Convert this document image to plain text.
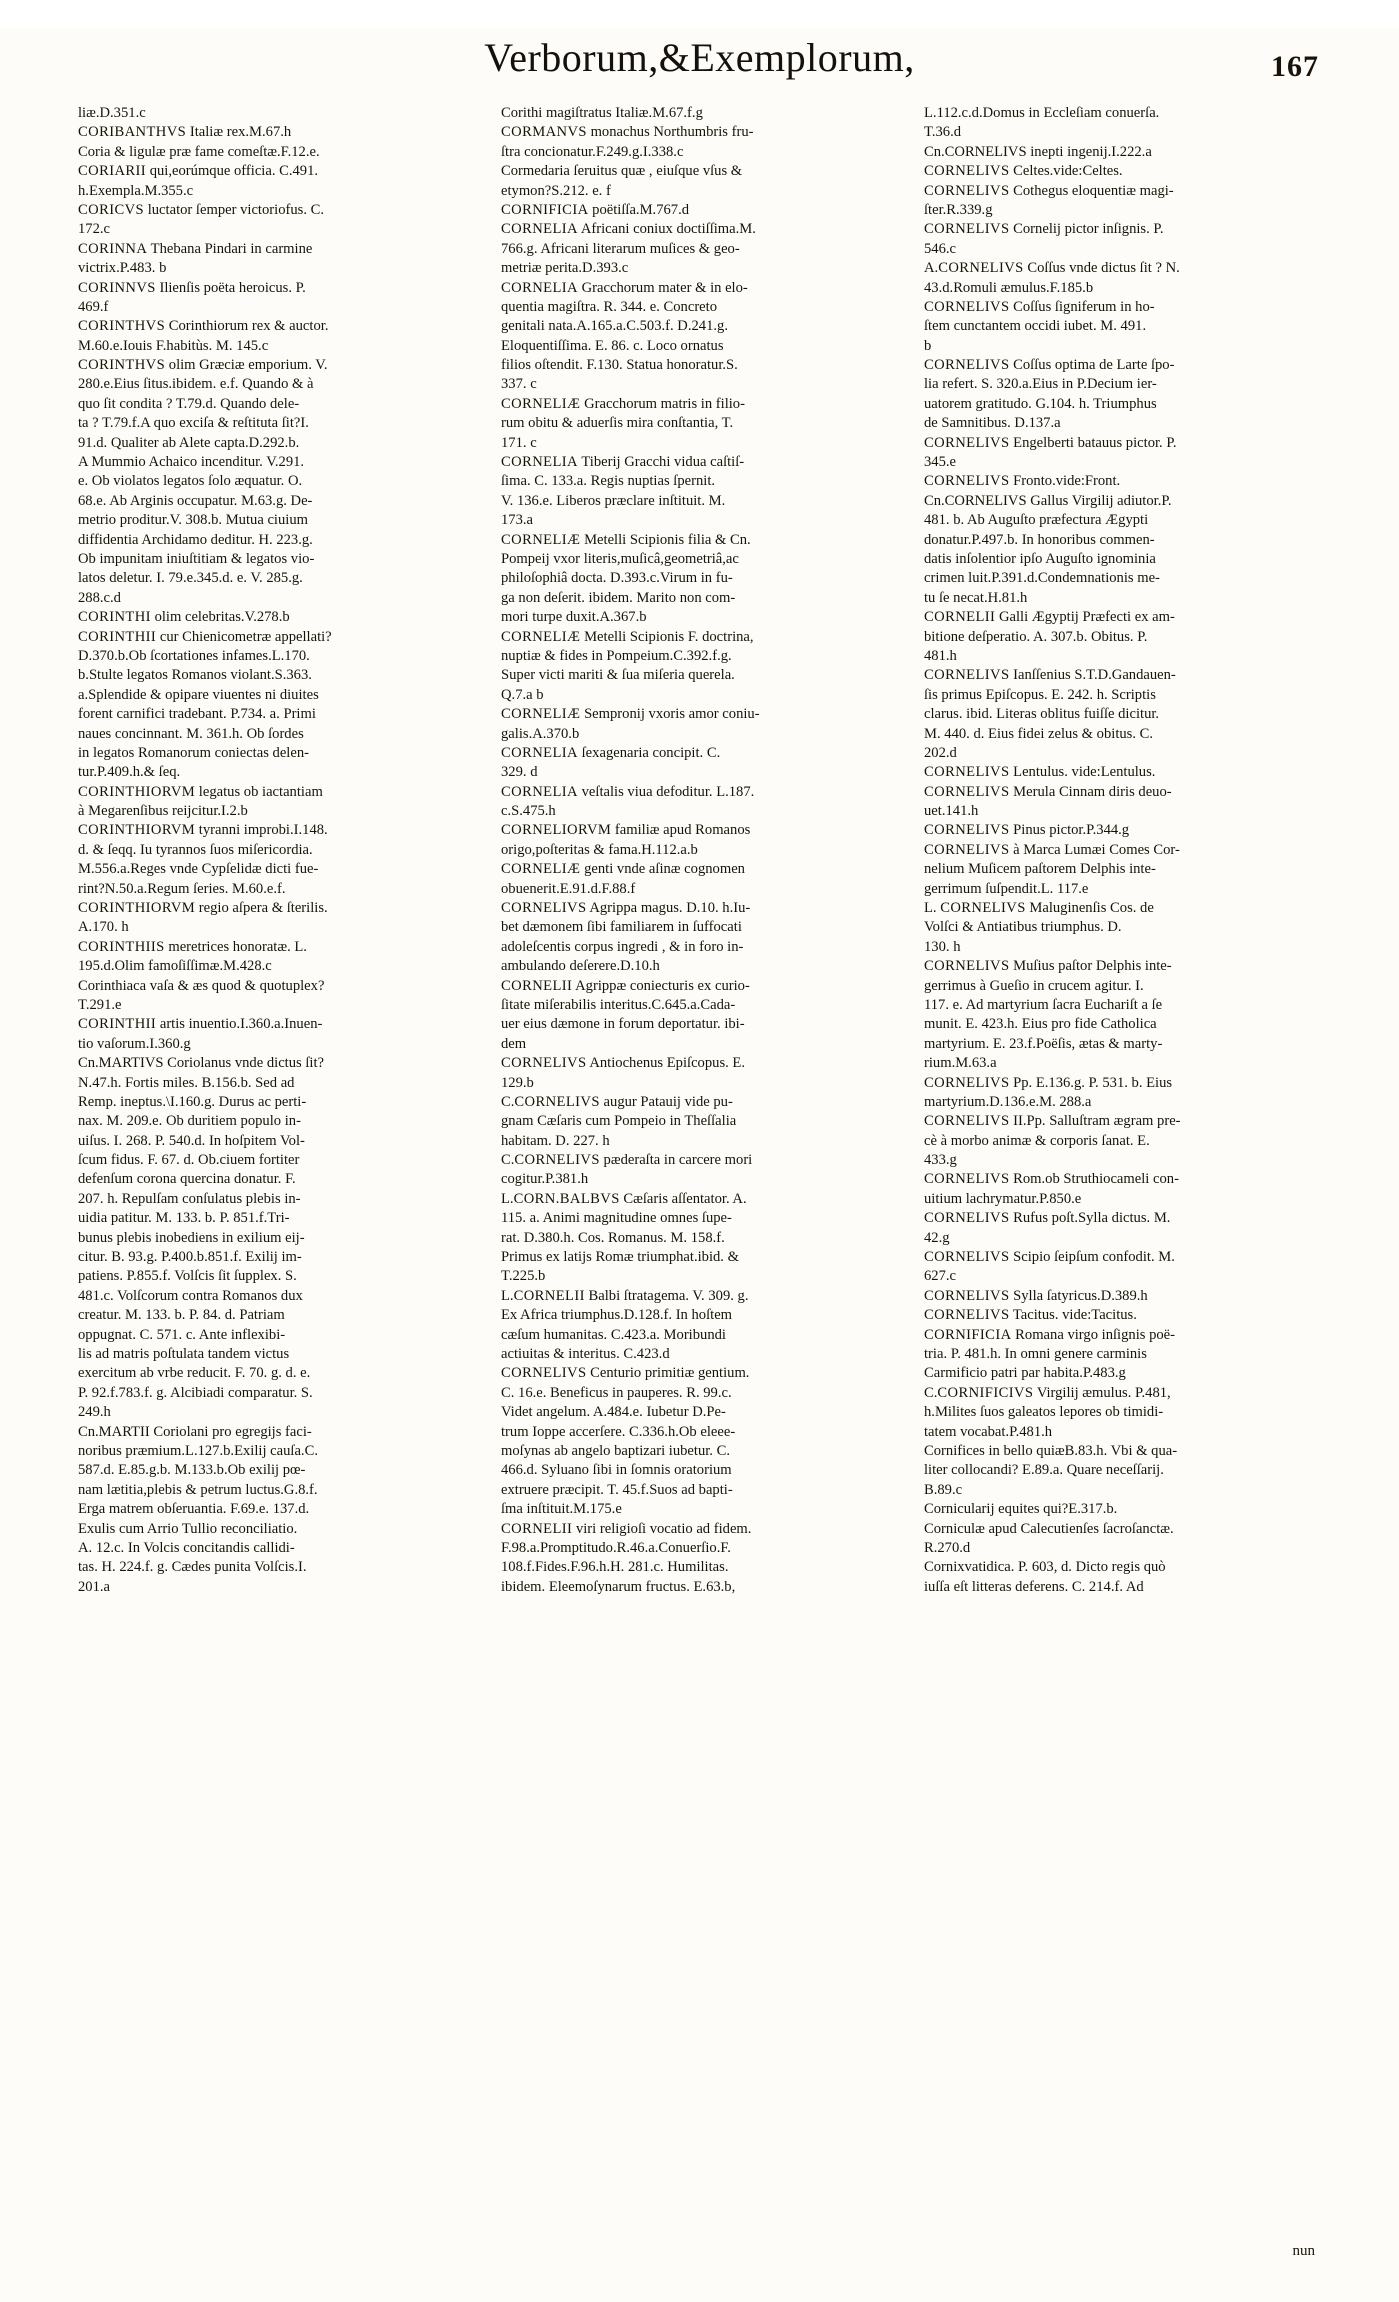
Verborum,&Exemplorum,	167
liæ.D.351.c
CORIBANTHVS Italiæ rex.M.67.h
Coria & ligulæ præ fame comeſtæ.F.12.e.
CORIARII qui,eorúmque officia. C.491.
h.Exempla.M.355.c
CORICVS luctator ſemper victoriofus. C.
172.c
CORINNA Thebana Pindari in carmine
victrix.P.483. b
CORINNVS Ilienſis poëta heroicus. P.
469.f
CORINTHVS Corinthiorum rex & auctor.
M.60.e.Iouis F.habitùs. M. 145.c
CORINTHVS olim Græciæ emporium. V.
280.e.Eius ſitus.ibidem. e.f. Quando & à
quo ſit condita ? T.79.d. Quando dele-
ta ? T.79.f.A quo exciſa & reſtituta ſit?I.
91.d. Qualiter ab Alete capta.D.292.b.
A Mummio Achaico incenditur. V.291.
e. Ob violatos legatos ſolo æquatur. O.
68.e. Ab Arginis occupatur. M.63.g. De-
metrio proditur.V. 308.b. Mutua ciuium
diffidentia Archidamo deditur. H. 223.g.
Ob impunitam iniuſtitiam & legatos vio-
latos deletur. I. 79.e.345.d. e. V. 285.g.
288.c.d
CORINTHI olim celebritas.V.278.b
CORINTHII cur Chienicometræ appellati?
D.370.b.Ob ſcortationes infames.L.170.
b.Stulte legatos Romanos violant.S.363.
a.Splendide & opipare viuentes ni diuites
forent carnifici tradebant. P.734. a. Primi
naues concinnant. M. 361.h. Ob ſordes
in legatos Romanorum coniectas delen-
tur.P.409.h.& ſeq.
CORINTHIORVM legatus ob iactantiam
à Megarenſibus reijcitur.I.2.b
CORINTHIORVM tyranni improbi.I.148.
d. & ſeqq. Iu tyrannos ſuos miſericordia.
M.556.a.Reges vnde Cypſelidæ dicti fue-
rint?N.50.a.Regum ſeries. M.60.e.f.
CORINTHIORVM regio aſpera & ſterilis.
A.170. h
CORINTHIIS meretrices honoratæ. L.
195.d.Olim famoſiſſimæ.M.428.c
Corinthiaca vaſa & æs quod & quotuplex?
T.291.e
CORINTHII artis inuentio.I.360.a.Inuen-
tio vaſorum.I.360.g
Cn.MARTIVS Coriolanus vnde dictus ſit?
N.47.h. Fortis miles. B.156.b. Sed ad
Remp. ineptus.\I.160.g. Durus ac perti-
nax. M. 209.e. Ob duritiem populo in-
uiſus. I. 268. P. 540.d. In hoſpitem Vol-
ſcum fidus. F. 67. d. Ob.ciuem fortiter
defenſum corona quercina donatur. F.
207. h. Repulſam conſulatus plebis in-
uidia patitur. M. 133. b. P. 851.f.Tri-
bunus plebis inobediens in exilium eij-
citur. B. 93.g. P.400.b.851.f. Exilij im-
patiens. P.855.f. Volſcis ſit ſupplex. S.
481.c. Volſcorum contra Romanos dux
creatur. M. 133. b. P. 84. d. Patriam
oppugnat. C. 571. c. Ante inflexibi-
lis ad matris poſtulata tandem victus
exercitum ab vrbe reducit. F. 70. g. d. e.
P. 92.f.783.f. g. Alcibiadi comparatur. S.
249.h
Cn.MARTII Coriolani pro egregijs faci-
noribus præmium.L.127.b.Exilij cauſa.C.
587.d. E.85.g.b. M.133.b.Ob exilij pœ-
nam lætitia,plebis & petrum luctus.G.8.f.
Erga matrem obſeruantia. F.69.e. 137.d.
Exulis cum Arrio Tullio reconciliatio.
A. 12.c. In Volcis concitandis callidi-
tas. H. 224.f. g. Cædes punita Volſcis.I.
201.a
Corithi magiſtratus Italiæ.M.67.f.g
CORMANVS monachus Northumbris fru-
ſtra concionatur.F.249.g.I.338.c
Cormedaria ſeruitus quæ , eiuſque vſus &
etymon?S.212. e. f
CORNIFICIA poëtiſſa.M.767.d
CORNELIA Africani coniux doctiſſima.M.
766.g. Africani literarum muſices & geo-
metriæ perita.D.393.c
CORNELIA Gracchorum mater & in elo-
quentia magiſtra. R. 344. e. Concreto
genitali nata.A.165.a.C.503.f. D.241.g.
Eloquentiſſima. E. 86. c. Loco ornatus
filios oſtendit. F.130. Statua honoratur.S.
337. c
CORNELIÆ Gracchorum matris in filio-
rum obitu & aduerſis mira conſtantia, T.
171. c
CORNELIA Tiberij Gracchi vidua caſtiſ-
ſima. C. 133.a. Regis nuptias ſpernit.
V. 136.e. Liberos præclare inſtituit. M.
173.a
CORNELIÆ Metelli Scipionis filia & Cn.
Pompeij vxor literis,muſicâ,geometriâ,ac
philoſophiâ docta. D.393.c.Virum in fu-
ga non deſerit. ibidem. Marito non com-
mori turpe duxit.A.367.b
CORNELIÆ Metelli Scipionis F. doctrina,
nuptiæ & fides in Pompeium.C.392.f.g.
Super victi mariti & ſua miſeria querela.
Q.7.a b
CORNELIÆ Sempronij vxoris amor coniu-
galis.A.370.b
CORNELIA ſexagenaria concipit. C.
329. d
CORNELIA veſtalis viua defoditur. L.187.
c.S.475.h
CORNELIORVM familiæ apud Romanos
origo,poſteritas & fama.H.112.a.b
CORNELIÆ genti vnde aſinæ cognomen
obuenerit.E.91.d.F.88.f
CORNELIVS Agrippa magus. D.10. h.Iu-
bet dæmonem ſibi familiarem in ſuffocati
adoleſcentis corpus ingredi , & in foro in-
ambulando deſerere.D.10.h
CORNELII Agrippæ coniecturis ex curio-
ſitate miſerabilis interitus.C.645.a.Cada-
uer eius dæmone in forum deportatur. ibi-
dem
CORNELIVS Antiochenus Epiſcopus. E.
129.b
C.CORNELIVS augur Patauij vide pu-
gnam Cæſaris cum Pompeio in Theſſalia
habitam. D. 227. h
C.CORNELIVS pæderaſta in carcere mori
cogitur.P.381.h
L.CORN.BALBVS Cæſaris aſſentator. A.
115. a. Animi magnitudine omnes ſupe-
rat. D.380.h. Cos. Romanus. M. 158.f.
Primus ex latijs Romæ triumphat.ibid. &
T.225.b
L.CORNELII Balbi ſtratagema. V. 309. g.
Ex Africa triumphus.D.128.f. In hoſtem
cæſum humanitas. C.423.a. Moribundi
actiuitas & interitus. C.423.d
CORNELIVS Centurio primitiæ gentium.
C. 16.e. Beneficus in pauperes. R. 99.c.
Videt angelum. A.484.e. Iubetur D.Pe-
trum Ioppe accerſere. C.336.h.Ob eleee-
moſynas ab angelo baptizari iubetur. C.
466.d. Syluano ſibi in ſomnis oratorium
extruere præcipit. T. 45.f.Suos ad bapti-
ſma inſtituit.M.175.e
CORNELII viri religioſi vocatio ad fidem.
F.98.a.Promptitudo.R.46.a.Conuerſio.F.
108.f.Fides.F.96.h.H. 281.c. Humilitas.
ibidem. Eleemoſynarum fructus. E.63.b,
L.112.c.d.Domus in Eccleſiam conuerſa.
T.36.d
Cn.CORNELIVS inepti ingenij.I.222.a
CORNELIVS Celtes.vide:Celtes.
CORNELIVS Cothegus eloquentiæ magi-
ſter.R.339.g
CORNELIVS Cornelij pictor inſignis. P.
546.c
A.CORNELIVS Coſſus vnde dictus ſit ? N.
43.d.Romuli æmulus.F.185.b
CORNELIVS Coſſus ſigniferum in ho-
ſtem cunctantem occidi iubet. M. 491.
b
CORNELIVS Coſſus optima de Larte ſpo-
lia refert. S. 320.a.Eius in P.Decium ier-
uatorem gratitudo. G.104. h. Triumphus
de Samnitibus. D.137.a
CORNELIVS Engelberti batauus pictor. P.
345.e
CORNELIVS Fronto.vide:Front.
Cn.CORNELIVS Gallus Virgilij adiutor.P.
481. b. Ab Auguſto præfectura Ægypti
donatur.P.497.b. In honoribus commen-
datis inſolentior ipſo Auguſto ignominia
crimen luit.P.391.d.Condemnationis me-
tu ſe necat.H.81.h
CORNELII Galli Ægyptij Præfecti ex am-
bitione deſperatio. A. 307.b. Obitus. P.
481.h
CORNELIVS Ianſſenius S.T.D.Gandauen-
ſis primus Epiſcopus. E. 242. h. Scriptis
clarus. ibid. Literas oblitus fuiſſe dicitur.
M. 440. d. Eius fidei zelus & obitus. C.
202.d
CORNELIVS Lentulus. vide:Lentulus.
CORNELIVS Merula Cinnam diris deuo-
uet.141.h
CORNELIVS Pinus pictor.P.344.g
CORNELIVS à Marca Lumæi Comes Cor-
nelium Muſicem paſtorem Delphis inte-
gerrimum ſuſpendit.L. 117.e
L. CORNELIVS Maluginenſis Cos. de
Volſci & Antiatibus triumphus. D.
130. h
CORNELIVS Muſius paſtor Delphis inte-
gerrimus à Gueſio in crucem agitur. I.
117. e. Ad martyrium ſacra Euchariſt a ſe
munit. E. 423.h. Eius pro fide Catholica
martyrium. E. 23.f.Poëſis, ætas & marty-
rium.M.63.a
CORNELIVS Pp. E.136.g. P. 531. b. Eius
martyrium.D.136.e.M. 288.a
CORNELIVS II.Pp. Salluſtram ægram pre-
cè à morbo animæ & corporis ſanat. E.
433.g
CORNELIVS Rom.ob Struthiocameli con-
uitium lachrymatur.P.850.e
CORNELIVS Rufus poſt.Sylla dictus. M.
42.g
CORNELIVS Scipio ſeipſum confodit. M.
627.c
CORNELIVS Sylla ſatyricus.D.389.h
CORNELIVS Tacitus. vide:Tacitus.
CORNIFICIA Romana virgo inſignis poë-
tria. P. 481.h. In omni genere carminis
Carmificio patri par habita.P.483.g
C.CORNIFICIVS Virgilij æmulus. P.481,
h.Milites ſuos galeatos lepores ob timidi-
tatem vocabat.P.481.h
Cornifices in bello quiæB.83.h. Vbi & qua-
liter collocandi? E.89.a. Quare neceſſarij.
B.89.c
Cornicularij equites qui?E.317.b.
Corniculæ apud Calecutienſes ſacroſanctæ.
R.270.d
Cornixvatidica. P. 603, d. Dicto regis quò
iuſſa eſt litteras deferens. C. 214.f. Ad
nun
